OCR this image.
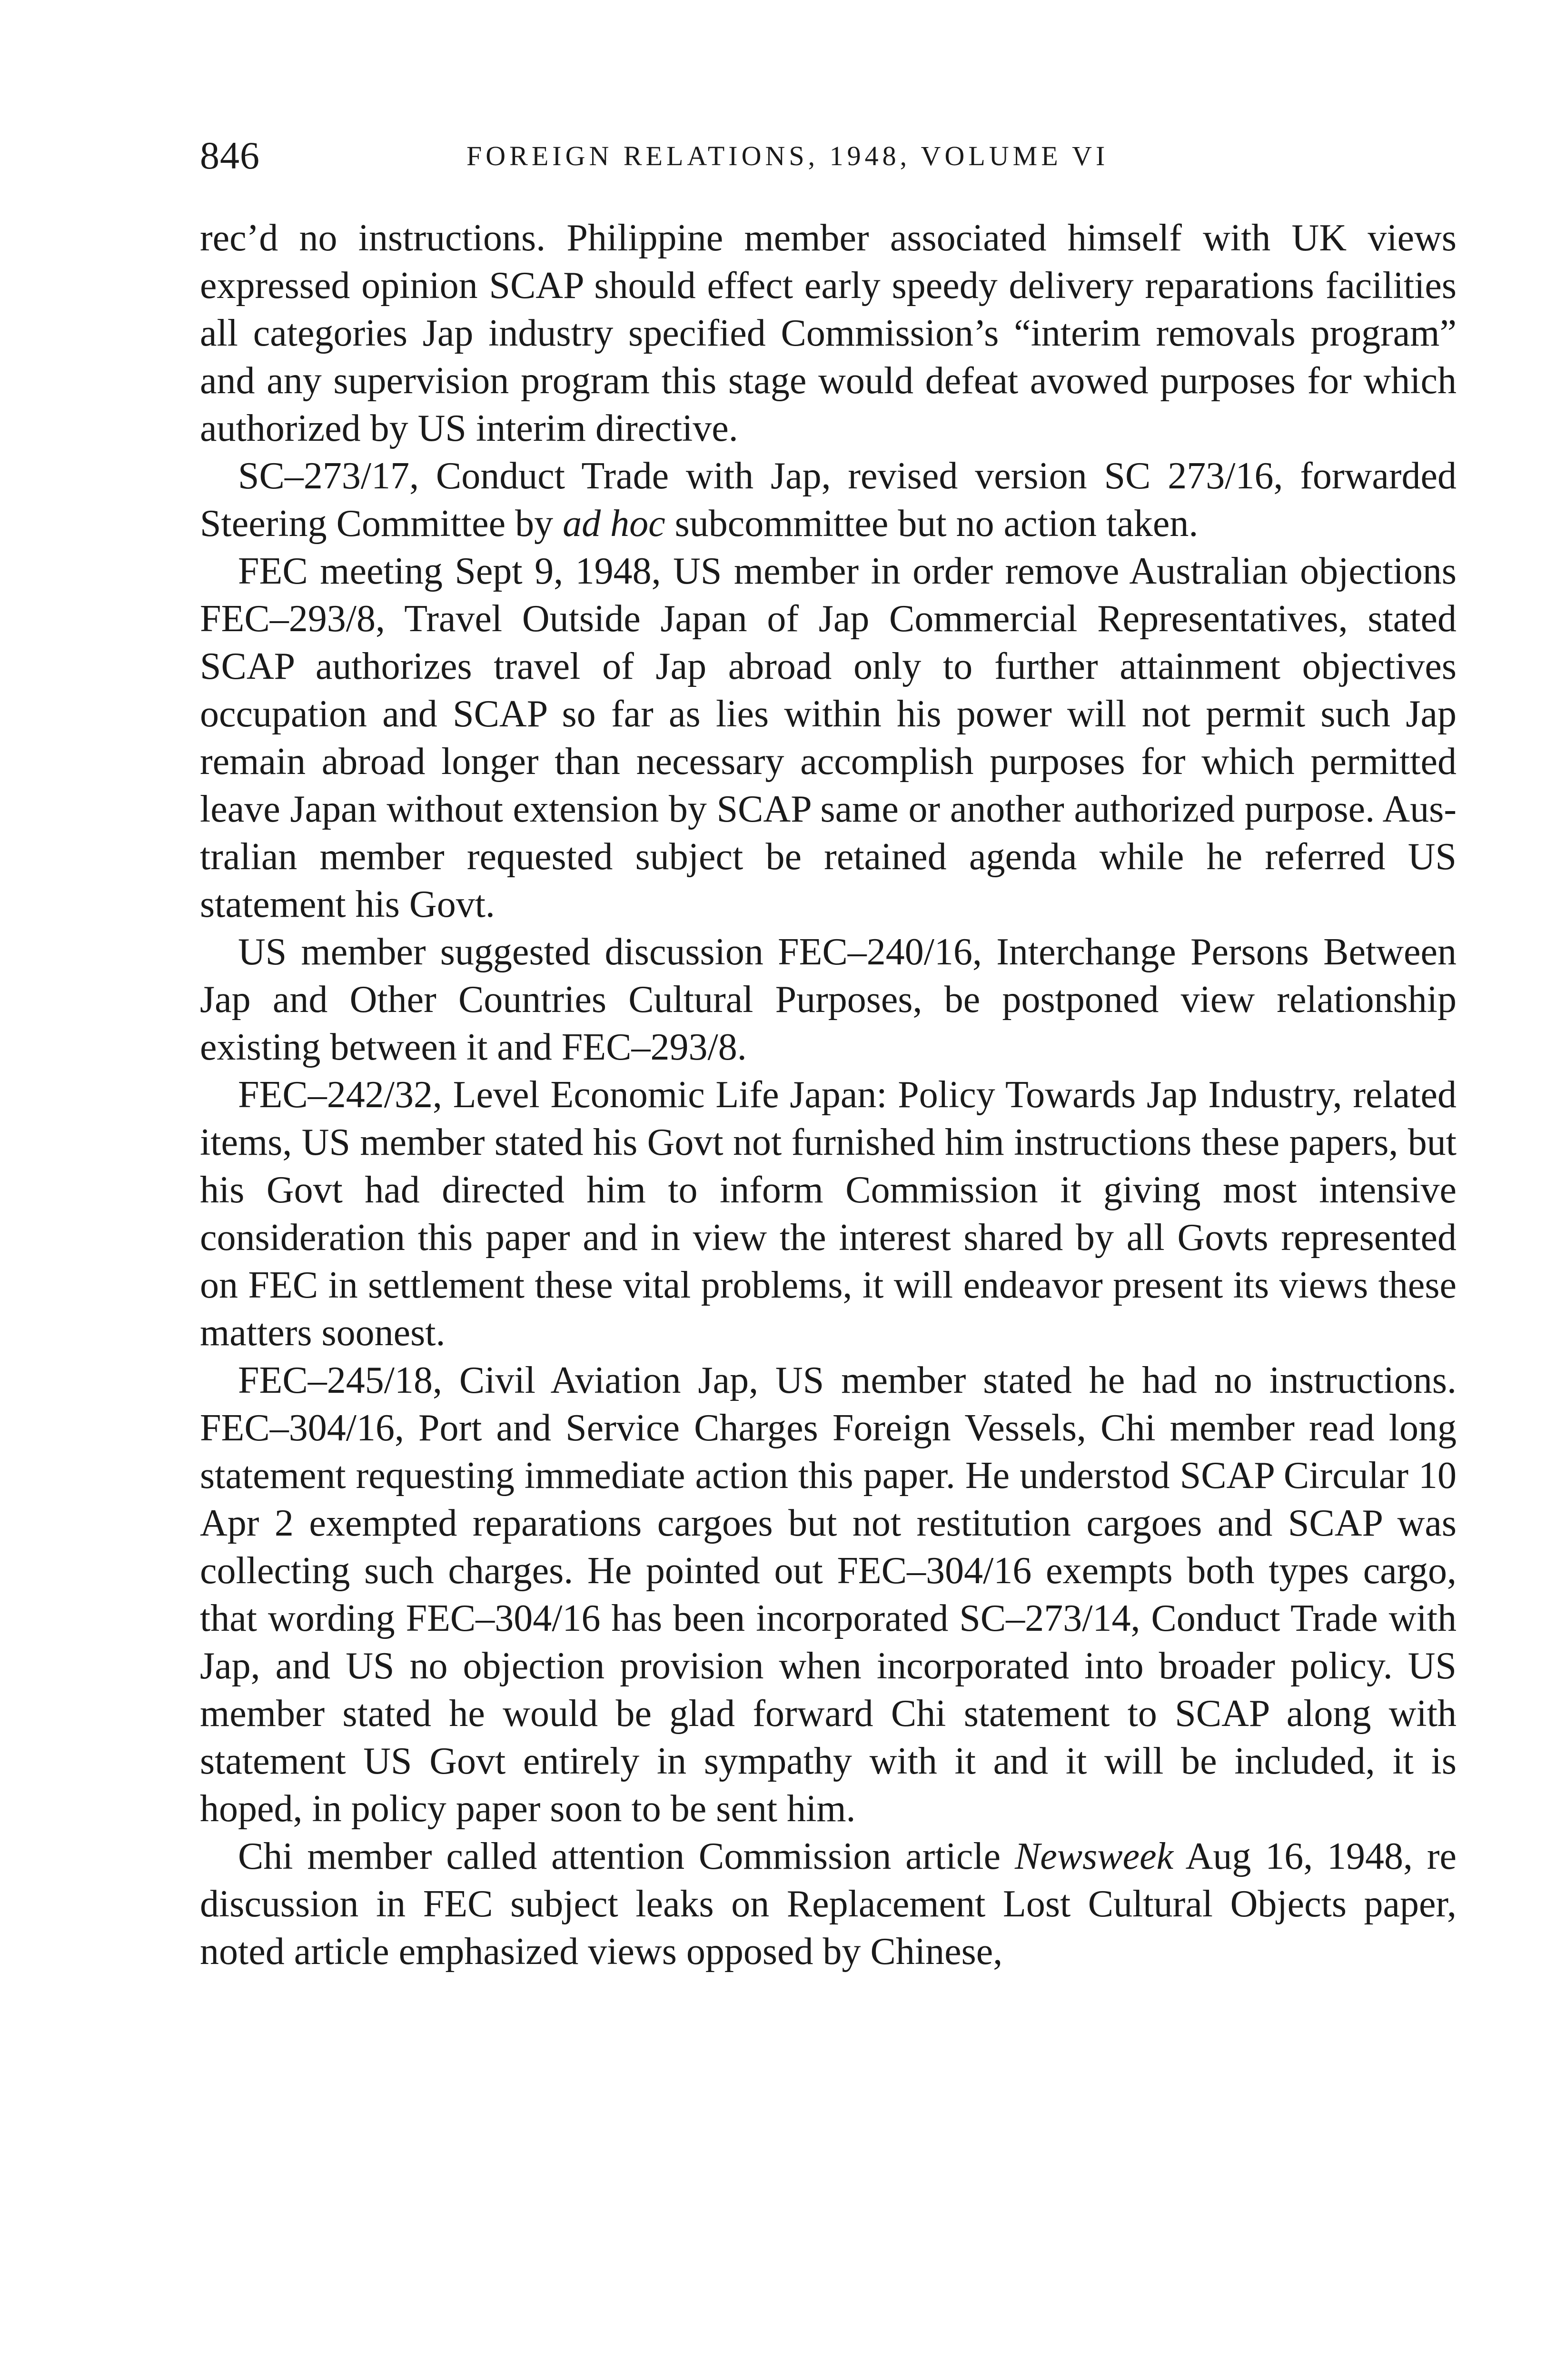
846	FOREIGN RELATIONS, 1948, VOLUME VI

rec’d no instructions. Philippine member associated himself with UK views expressed opinion SCAP should effect early speedy delivery reparations facilities all categories Jap industry specified Commission’s “interim removals program” and any supervision program this stage would defeat avowed purposes for which authorized by US interim directive.

SC–273/17, Conduct Trade with Jap, revised version SC 273/16, forwarded Steering Committee by ad hoc subcommittee but no action taken.

FEC meeting Sept 9, 1948, US member in order remove Australian objections FEC–293/8, Travel Outside Japan of Jap Commercial Representatives, stated SCAP authorizes travel of Jap abroad only to further attainment objectives occupation and SCAP so far as lies within his power will not permit such Jap remain abroad longer than necessary accomplish purposes for which permitted leave Japan without extension by SCAP same or another authorized purpose. Australian member requested subject be retained agenda while he referred US statement his Govt.

US member suggested discussion FEC–240/16, Interchange Persons Between Jap and Other Countries Cultural Purposes, be postponed view relationship existing between it and FEC–293/8.

FEC–242/32, Level Economic Life Japan: Policy Towards Jap Industry, related items, US member stated his Govt not furnished him instructions these papers, but his Govt had directed him to inform Commission it giving most intensive consideration this paper and in view the interest shared by all Govts represented on FEC in settlement these vital problems, it will endeavor present its views these matters soonest.

FEC–245/18, Civil Aviation Jap, US member stated he had no instructions. FEC–304/16, Port and Service Charges Foreign Vessels, Chi member read long statement requesting immediate action this paper. He understod SCAP Circular 10 Apr 2 exempted reparations cargoes but not restitution cargoes and SCAP was collecting such charges. He pointed out FEC–304/16 exempts both types cargo, that wording FEC–304/16 has been incorporated SC–273/14, Conduct Trade with Jap, and US no objection provision when incorporated into broader policy. US member stated he would be glad forward Chi statement to SCAP along with statement US Govt entirely in sympathy with it and it will be included, it is hoped, in policy paper soon to be sent him.

Chi member called attention Commission article Newsweek Aug 16, 1948, re discussion in FEC subject leaks on Replacement Lost Cultural Objects paper, noted article emphasized views opposed by Chinese,
